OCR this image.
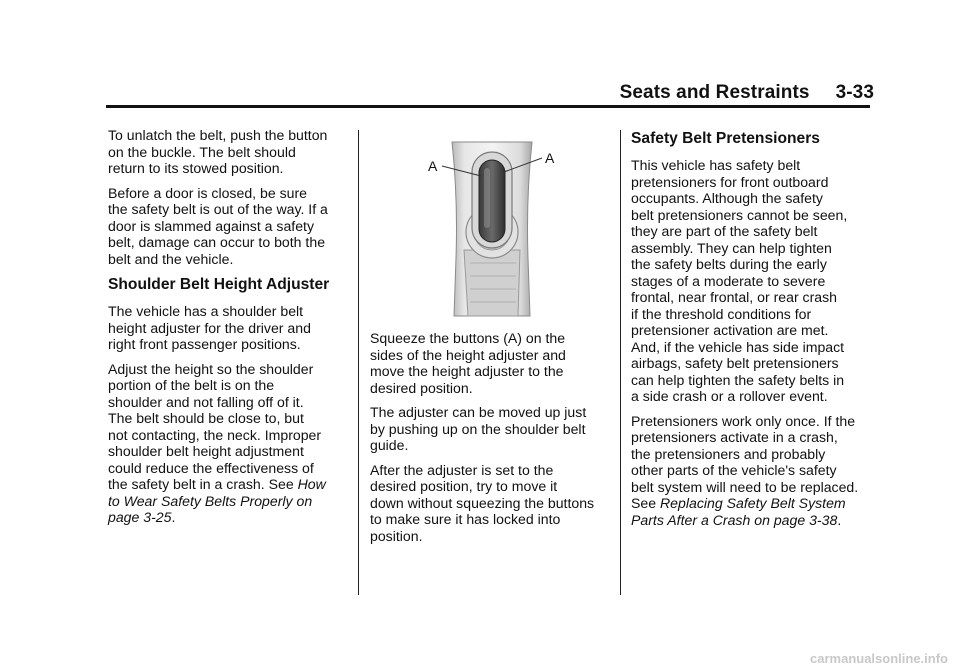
Seats and Restraints 3-33

To unlatch the belt, push the button
on the buckle. The belt should
return to its stowed position.

Before a door is closed, be sure
the safety belt is out of the way. If a
door is slammed against a safety
belt, damage can occur to both the
belt and the vehicle.

Shoulder Belt Height Adjuster

The vehicle has a shoulder belt
height adjuster for the driver and
right front passenger positions.

Adjust the height so the shoulder
portion of the belt is on the
shoulder and not falling off of it.
The belt should be close to, but
not contacting, the neck. Improper
shoulder belt height adjustment
could reduce the effectiveness of
the safety belt in a crash. See How
to Wear Safety Belts Properly on
page 3-25.

A	A

Squeeze the buttons (A) on the
sides of the height adjuster and
move the height adjuster to the
desired position.

The adjuster can be moved up just
by pushing up on the shoulder belt
guide.

After the adjuster is set to the
desired position, try to move it
down without squeezing the buttons
to make sure it has locked into
position.

Safety Belt Pretensioners

This vehicle has safety belt
pretensioners for front outboard
occupants. Although the safety
belt pretensioners cannot be seen,
they are part of the safety belt
assembly. They can help tighten
the safety belts during the early
stages of a moderate to severe
frontal, near frontal, or rear crash
if the threshold conditions for
pretensioner activation are met.
And, if the vehicle has side impact
airbags, safety belt pretensioners
can help tighten the safety belts in
a side crash or a rollover event.

Pretensioners work only once. If the
pretensioners activate in a crash,
the pretensioners and probably
other parts of the vehicle's safety
belt system will need to be replaced.
See Replacing Safety Belt System
Parts After a Crash on page 3-38.

carmanualsonline.info
